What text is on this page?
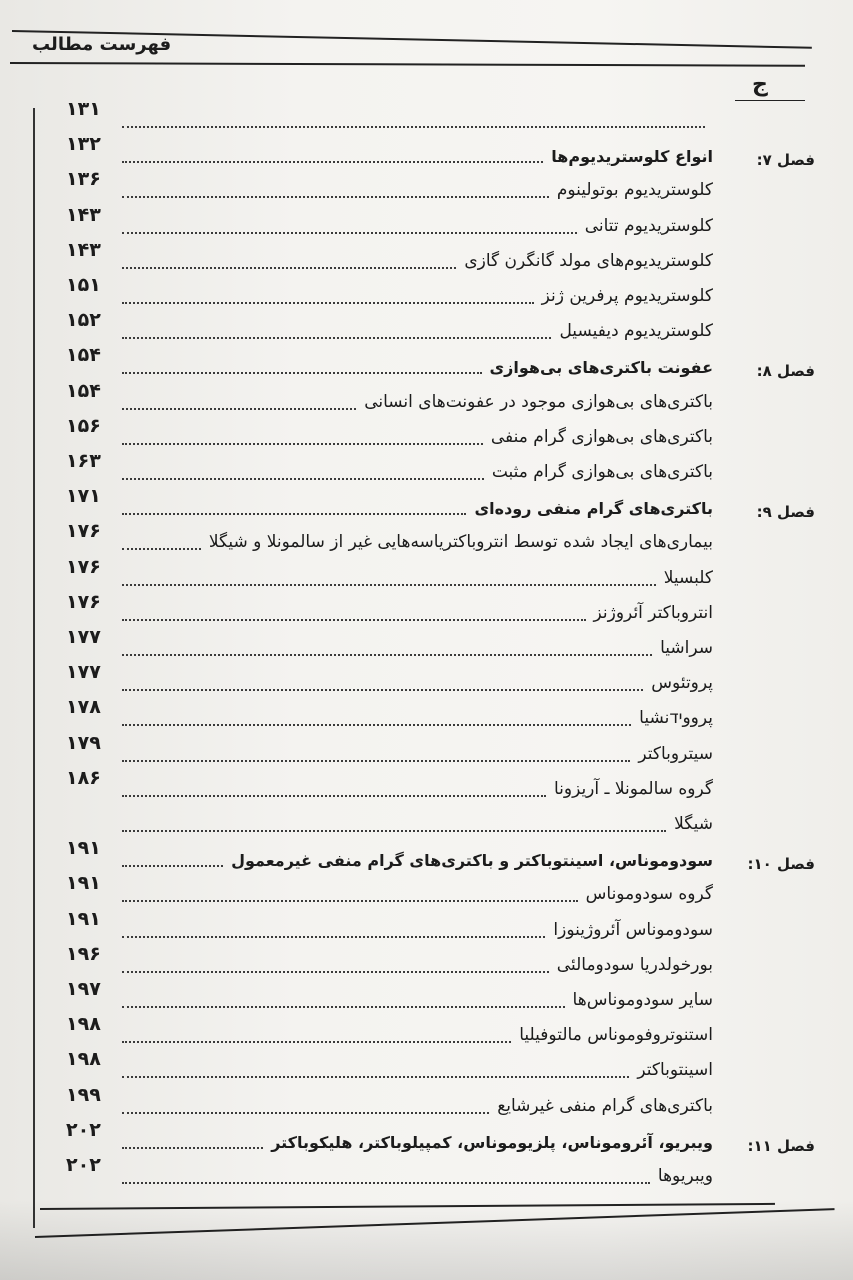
فهرست مطالب
ج
۱۳۱
فصل ۷:
انواع کلوستریدیوم‌ها
۱۳۲
کلوستریدیوم بوتولینوم
۱۳۶
کلوستریدیوم تتانی
۱۴۳
کلوستریدیوم‌های مولد گانگرن گازی
۱۴۳
کلوستریدیوم پرفرین ژنز
۱۵۱
کلوستریدیوم دیفیسیل
۱۵۲
فصل ۸:
عفونت باکتری‌های بی‌هوازی
۱۵۴
باکتری‌های بی‌هوازی موجود در عفونت‌های انسانی
۱۵۴
باکتری‌های بی‌هوازی گرام منفی
۱۵۶
باکتری‌های بی‌هوازی گرام مثبت
۱۶۳
فصل ۹:
باکتری‌های گرام منفی روده‌ای
۱۷۱
بیماری‌های ایجاد شده توسط انتروباکتریاسه‌هایی غیر از سالمونلا و شیگلا
۱۷۶
کلبسیلا
۱۷۶
انتروباکتر آئروژنز
۱۷۶
سراشیا
۱۷۷
پروتئوس
۱۷۷
پرووידنشیا
۱۷۸
سیتروباکتر
۱۷۹
گروه سالمونلا ـ آریزونا
۱۸۶
شیگلا
فصل ۱۰:
سودوموناس، اسینتوباکتر و باکتری‌های گرام منفی غیرمعمول
۱۹۱
گروه سودوموناس
۱۹۱
سودوموناس آئروژینوزا
۱۹۱
بورخولدریا سودومالئی
۱۹۶
سایر سودوموناس‌ها
۱۹۷
استنوتروفوموناس مالتوفیلیا
۱۹۸
اسینتوباکتر
۱۹۸
باکتری‌های گرام منفی غیرشایع
۱۹۹
فصل ۱۱:
ویبریو، آئروموناس، پلزیوموناس، کمپیلوباکتر، هلیکوباکتر
۲۰۲
ویبریوها
۲۰۲
